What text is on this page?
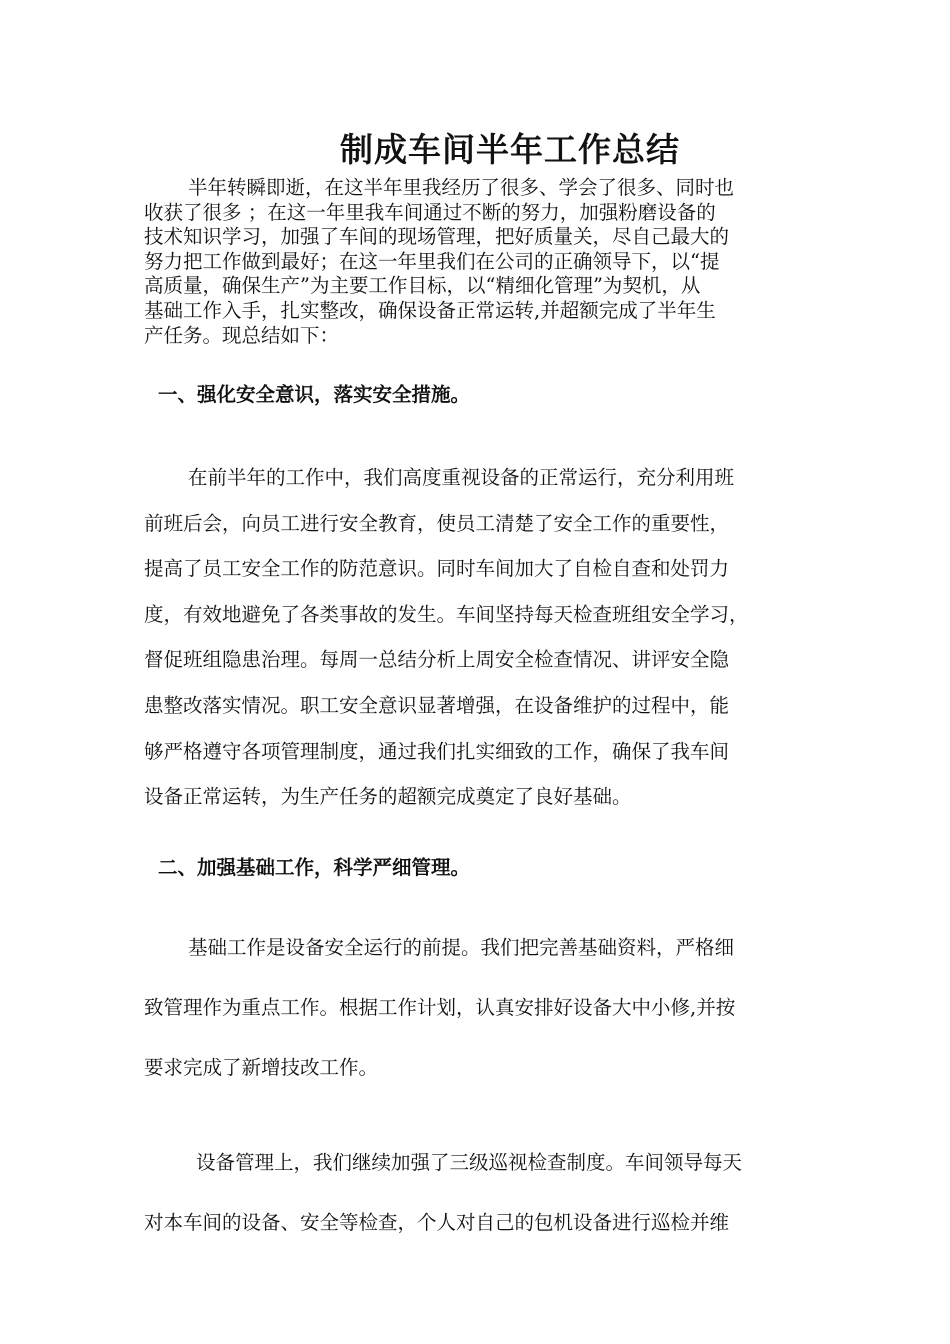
制成车间半年工作总结
半年转瞬即逝，在这半年里我经历了很多、学会了很多、同时也
收获了很多 ；在这一年里我车间通过不断的努力，加强粉磨设备的
技术知识学习，加强了车间的现场管理，把好质量关，尽自己最大的
努力把工作做到最好；在这一年里我们在公司的正确领导下，以“提
高质量，确保生产”为主要工作目标，以“精细化管理”为契机，从
基础工作入手，扎实整改，确保设备正常运转,并超额完成了半年生
产任务。现总结如下：
一、强化安全意识，落实安全措施。
在前半年的工作中，我们高度重视设备的正常运行，充分利用班
前班后会，向员工进行安全教育，使员工清楚了安全工作的重要性，
提高了员工安全工作的防范意识。同时车间加大了自检自查和处罚力
度，有效地避免了各类事故的发生。车间坚持每天检查班组安全学习，
督促班组隐患治理。每周一总结分析上周安全检查情况、讲评安全隐
患整改落实情况。职工安全意识显著增强，在设备维护的过程中，能
够严格遵守各项管理制度，通过我们扎实细致的工作，确保了我车间
设备正常运转，为生产任务的超额完成奠定了良好基础。
二、加强基础工作，科学严细管理。
基础工作是设备安全运行的前提。我们把完善基础资料，严格细
致管理作为重点工作。根据工作计划，认真安排好设备大中小修,并按
要求完成了新增技改工作。
设备管理上，我们继续加强了三级巡视检查制度。车间领导每天
对本车间的设备、安全等检查，个人对自己的包机设备进行巡检并维
